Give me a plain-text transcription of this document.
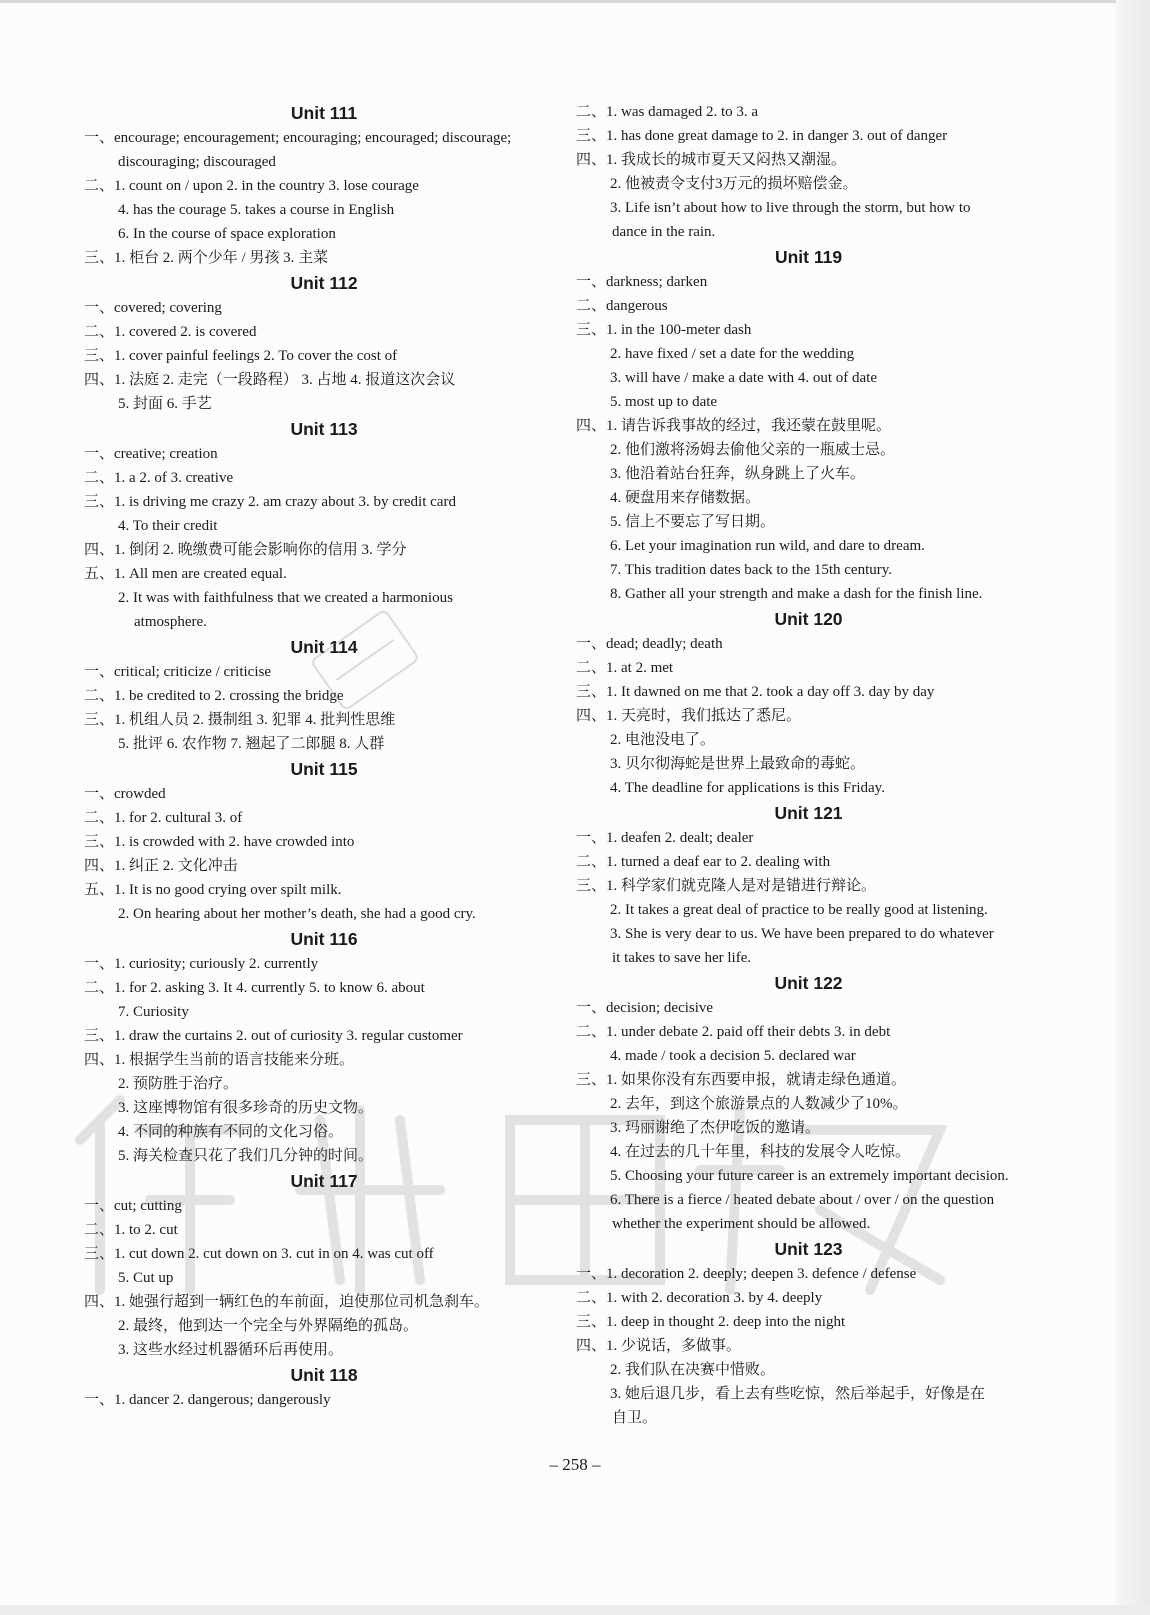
Unit 111
一、encourage; encouragement; encouraging; encouraged; discourage;
discouraging; discouraged
二、1. count on / upon 2. in the country 3. lose courage
4. has the courage 5. takes a course in English
6. In the course of space exploration
三、1. 柜台 2. 两个少年 / 男孩 3. 主菜
Unit 112
一、covered; covering
二、1. covered 2. is covered
三、1. cover painful feelings 2. To cover the cost of
四、1. 法庭 2. 走完（一段路程） 3. 占地 4. 报道这次会议
5. 封面 6. 手艺
Unit 113
一、creative; creation
二、1. a 2. of 3. creative
三、1. is driving me crazy 2. am crazy about 3. by credit card
4. To their credit
四、1. 倒闭 2. 晚缴费可能会影响你的信用 3. 学分
五、1. All men are created equal.
2. It was with faithfulness that we created a harmonious
atmosphere.
Unit 114
一、critical; criticize / criticise
二、1. be credited to 2. crossing the bridge
三、1. 机组人员 2. 摄制组 3. 犯罪 4. 批判性思维
5. 批评 6. 农作物 7. 翘起了二郎腿 8. 人群
Unit 115
一、crowded
二、1. for 2. cultural 3. of
三、1. is crowded with 2. have crowded into
四、1. 纠正 2. 文化冲击
五、1. It is no good crying over spilt milk.
2. On hearing about her mother’s death, she had a good cry.
Unit 116
一、1. curiosity; curiously 2. currently
二、1. for 2. asking 3. It 4. currently 5. to know 6. about
7. Curiosity
三、1. draw the curtains 2. out of curiosity 3. regular customer
四、1. 根据学生当前的语言技能来分班。
2. 预防胜于治疗。
3. 这座博物馆有很多珍奇的历史文物。
4. 不同的种族有不同的文化习俗。
5. 海关检查只花了我们几分钟的时间。
Unit 117
一、cut; cutting
二、1. to 2. cut
三、1. cut down 2. cut down on 3. cut in on 4. was cut off
5. Cut up
四、1. 她强行超到一辆红色的车前面，迫使那位司机急刹车。
2. 最终，他到达一个完全与外界隔绝的孤岛。
3. 这些水经过机器循环后再使用。
Unit 118
一、1. dancer 2. dangerous; dangerously
二、1. was damaged 2. to 3. a
三、1. has done great damage to 2. in danger 3. out of danger
四、1. 我成长的城市夏天又闷热又潮湿。
2. 他被责令支付3万元的损坏赔偿金。
3. Life isn’t about how to live through the storm, but how to
dance in the rain.
Unit 119
一、darkness; darken
二、dangerous
三、1. in the 100-meter dash
2. have fixed / set a date for the wedding
3. will have / make a date with 4. out of date
5. most up to date
四、1. 请告诉我事故的经过，我还蒙在鼓里呢。
2. 他们激将汤姆去偷他父亲的一瓶威士忌。
3. 他沿着站台狂奔，纵身跳上了火车。
4. 硬盘用来存储数据。
5. 信上不要忘了写日期。
6. Let your imagination run wild, and dare to dream.
7. This tradition dates back to the 15th century.
8. Gather all your strength and make a dash for the finish line.
Unit 120
一、dead; deadly; death
二、1. at 2. met
三、1. It dawned on me that 2. took a day off 3. day by day
四、1. 天亮时，我们抵达了悉尼。
2. 电池没电了。
3. 贝尔彻海蛇是世界上最致命的毒蛇。
4. The deadline for applications is this Friday.
Unit 121
一、1. deafen 2. dealt; dealer
二、1. turned a deaf ear to 2. dealing with
三、1. 科学家们就克隆人是对是错进行辩论。
2. It takes a great deal of practice to be really good at listening.
3. She is very dear to us. We have been prepared to do whatever
it takes to save her life.
Unit 122
一、decision; decisive
二、1. under debate 2. paid off their debts 3. in debt
4. made / took a decision 5. declared war
三、1. 如果你没有东西要申报，就请走绿色通道。
2. 去年，到这个旅游景点的人数减少了10%。
3. 玛丽谢绝了杰伊吃饭的邀请。
4. 在过去的几十年里，科技的发展令人吃惊。
5. Choosing your future career is an extremely important decision.
6. There is a fierce / heated debate about / over / on the question
whether the experiment should be allowed.
Unit 123
一、1. decoration 2. deeply; deepen 3. defence / defense
二、1. with 2. decoration 3. by 4. deeply
三、1. deep in thought 2. deep into the night
四、1. 少说话，多做事。
2. 我们队在决赛中惜败。
3. 她后退几步，看上去有些吃惊，然后举起手，好像是在
自卫。
– 258 –
